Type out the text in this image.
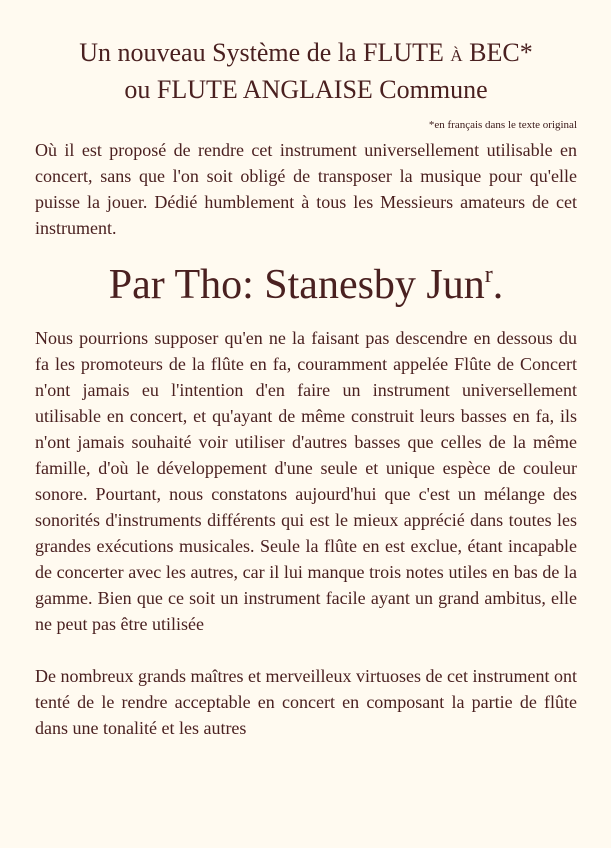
Un nouveau Système de la FLUTE À BEC*
ou FLUTE ANGLAISE Commune
*en français dans le texte original

Où il est proposé de rendre cet instrument universellement utilisable en concert, sans que l'on soit obligé de transposer la musique pour qu'elle puisse la jouer. Dédié humblement à tous les Messieurs amateurs de cet instrument.

Par Tho: Stanesby Jun$^r$.

Nous pourrions supposer qu'en ne la faisant pas descendre en dessous du fa les promoteurs de la flûte en fa, couramment appelée Flûte de Concert n'ont jamais eu l'intention d'en faire un instrument universellement utilisable en concert, et qu'ayant de même construit leurs basses en fa, ils n'ont jamais souhaité voir utiliser d'autres basses que celles de la même famille, d'où le développement d'une seule et unique espèce de couleur sonore. Pourtant, nous constatons aujourd'hui que c'est un mélange des sonorités d'instruments différents qui est le mieux apprécié dans toutes les grandes exécutions musicales. Seule la flûte en est exclue, étant incapable de concerter avec les autres, car il lui manque trois notes utiles en bas de la gamme. Bien que ce soit un instrument facile ayant un grand ambitus, elle ne peut pas être utilisée

De nombreux grands maîtres et merveilleux virtuoses de cet instrument ont tenté de le rendre acceptable en concert en composant la partie de flûte dans une tonalité et les autres
